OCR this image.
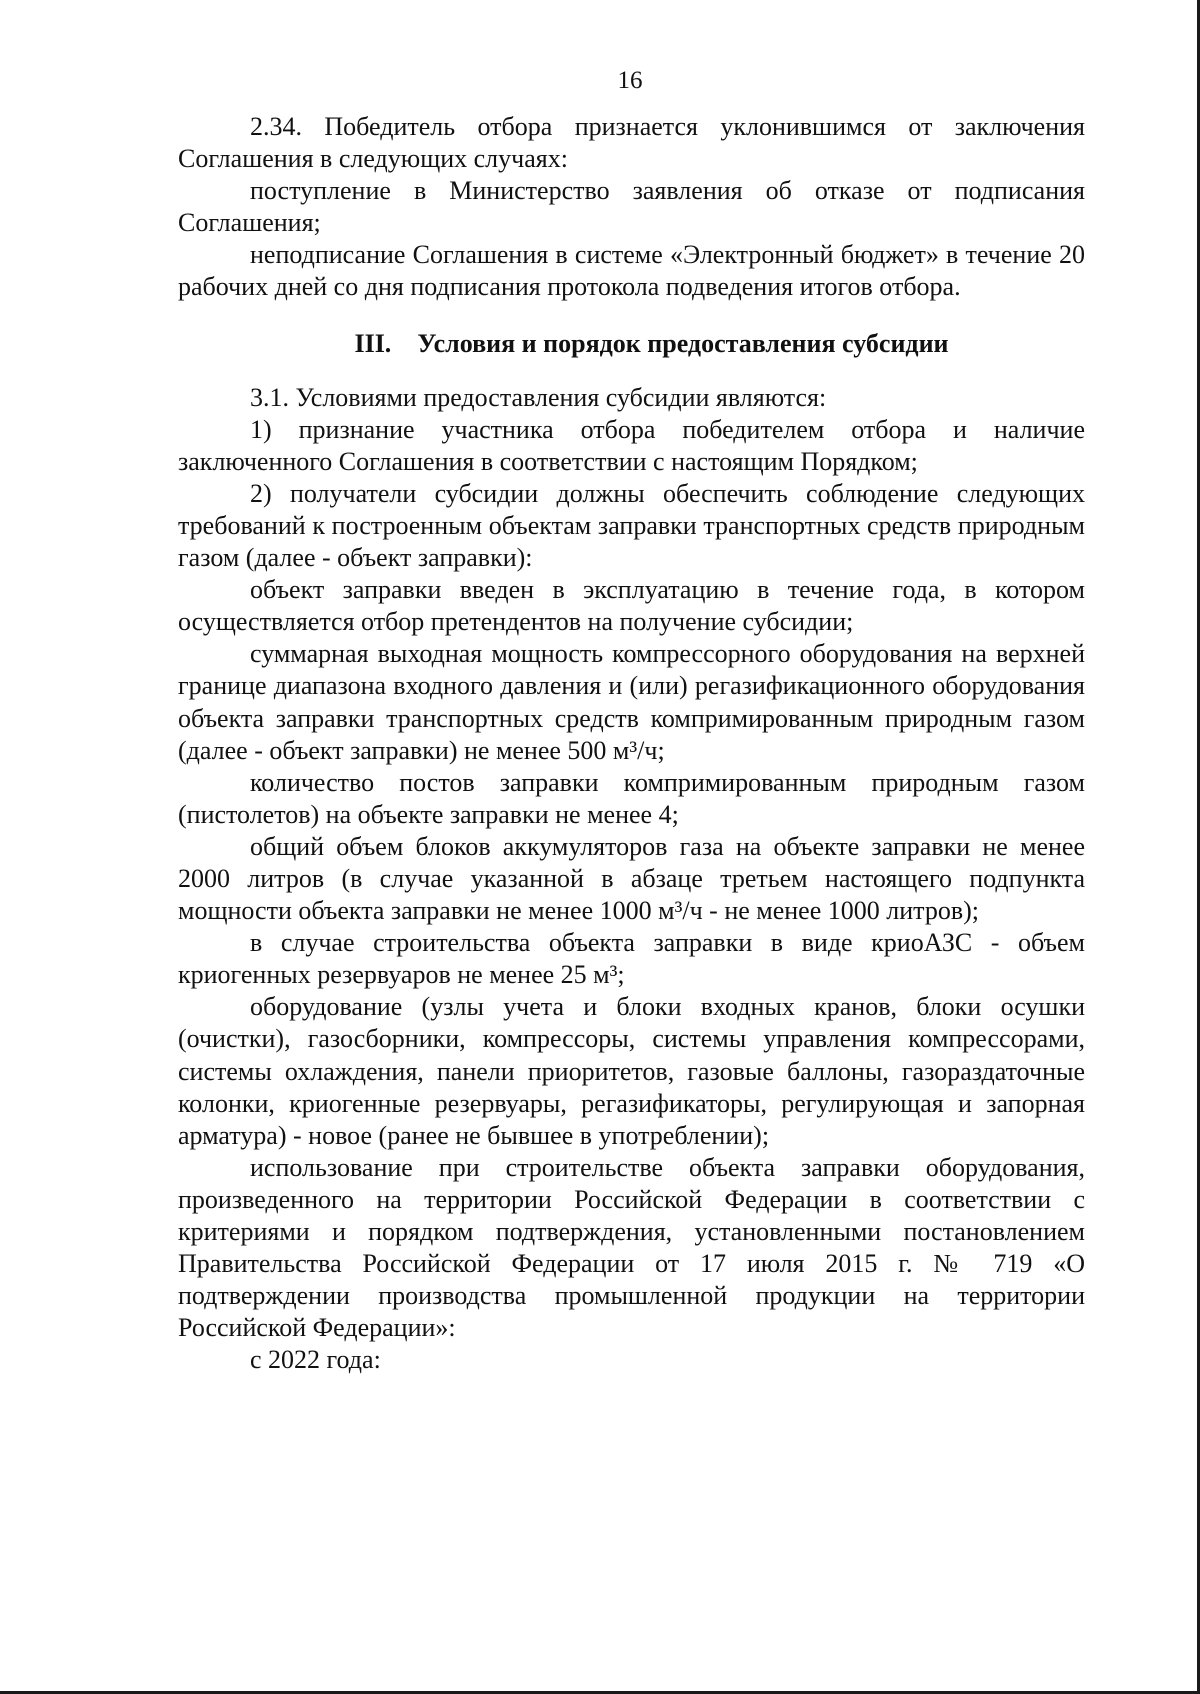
16

2.34. Победитель отбора признается уклонившимся от заключения Соглашения в следующих случаях:

поступление в Министерство заявления об отказе от подписания Соглашения;

неподписание Соглашения в системе «Электронный бюджет» в течение 20 рабочих дней со дня подписания протокола подведения итогов отбора.

III. Условия и порядок предоставления субсидии

3.1. Условиями предоставления субсидии являются:

1) признание участника отбора победителем отбора и наличие заключенного Соглашения в соответствии с настоящим Порядком;

2) получатели субсидии должны обеспечить соблюдение следующих требований к построенным объектам заправки транспортных средств природным газом (далее - объект заправки):

объект заправки введен в эксплуатацию в течение года, в котором осуществляется отбор претендентов на получение субсидии;

суммарная выходная мощность компрессорного оборудования на верхней границе диапазона входного давления и (или) регазификационного оборудования объекта заправки транспортных средств компримированным природным газом (далее - объект заправки) не менее 500 м³/ч;

количество постов заправки компримированным природным газом (пистолетов) на объекте заправки не менее 4;

общий объем блоков аккумуляторов газа на объекте заправки не менее 2000 литров (в случае указанной в абзаце третьем настоящего подпункта мощности объекта заправки не менее 1000 м³/ч - не менее 1000 литров);

в случае строительства объекта заправки в виде криоАЗС - объем криогенных резервуаров не менее 25 м³;

оборудование (узлы учета и блоки входных кранов, блоки осушки (очистки), газосборники, компрессоры, системы управления компрессорами, системы охлаждения, панели приоритетов, газовые баллоны, газораздаточные колонки, криогенные резервуары, регазификаторы, регулирующая и запорная арматура) - новое (ранее не бывшее в употреблении);

использование при строительстве объекта заправки оборудования, произведенного на территории Российской Федерации в соответствии с критериями и порядком подтверждения, установленными постановлением Правительства Российской Федерации от 17 июля 2015 г. № 719 «О подтверждении производства промышленной продукции на территории Российской Федерации»:

с 2022 года:
